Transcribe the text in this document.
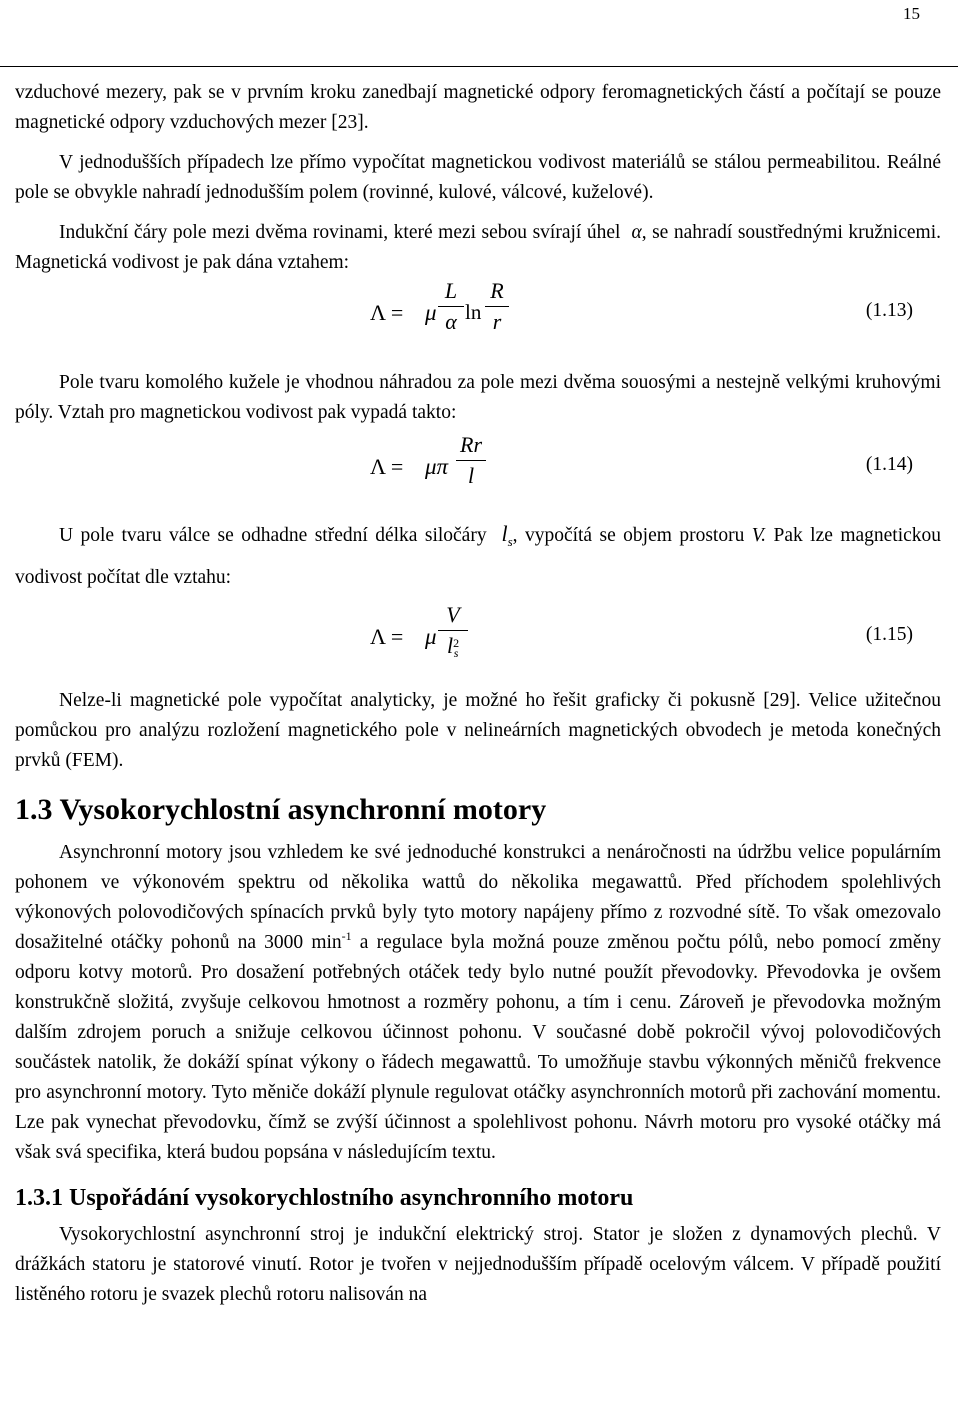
15

vzduchové mezery, pak se v prvním kroku zanedbají magnetické odpory feromagnetických částí a počítají se pouze magnetické odpory vzduchových mezer [23].

V jednodušších případech lze přímo vypočítat magnetickou vodivost materiálů se stálou permeabilitou. Reálné pole se obvykle nahradí jednodušším polem (rovinné, kulové, válcové, kuželové).

Indukční čáry pole mezi dvěma rovinami, které mezi sebou svírají úhel α, se nahradí soustřednými kružnicemi. Magnetická vodivost je pak dána vztahem:

Λ = μ
L
α ln
R
r	(1.13)

Pole tvaru komolého kužele je vhodnou náhradou za pole mezi dvěma souosými a nestejně velkými kruhovými póly. Vztah pro magnetickou vodivost pak vypadá takto:

Λ = μπ
Rr
l	(1.14)

U pole tvaru válce se odhadne střední délka siločáry $l_s$, vypočítá se objem prostoru V. Pak lze magnetickou vodivost počítat dle vztahu:

Λ = μ
V
l 2
s
(1.15)

Nelze-li magnetické pole vypočítat analyticky, je možné ho řešit graficky či pokusně [29]. Velice užitečnou pomůckou pro analýzu rozložení magnetického pole v nelineárních magnetických obvodech je metoda konečných prvků (FEM).

1.3 Vysokorychlostní asynchronní motory

Asynchronní motory jsou vzhledem ke své jednoduché konstrukci a nenáročnosti na údržbu velice populárním pohonem ve výkonovém spektru od několika wattů do několika megawattů. Před příchodem spolehlivých výkonových polovodičových spínacích prvků byly tyto motory napájeny přímo z rozvodné sítě. To však omezovalo dosažitelné otáčky pohonů na 3000 $\min^{-1} a$ regulace byla možná pouze změnou počtu pólů, nebo pomocí změny odporu kotvy motorů. Pro dosažení potřebných otáček tedy bylo nutné použít převodovky. Převodovka je ovšem konstrukčně složitá, zvyšuje celkovou hmotnost a rozměry pohonu, a tím i cenu. Zároveň je převodovka možným dalším zdrojem poruch a snižuje celkovou účinnost pohonu. V současné době pokročil vývoj polovodičových součástek natolik, že dokáží spínat výkony o řádech megawattů. To umožňuje stavbu výkonných měničů frekvence pro asynchronní motory. Tyto měniče dokáží plynule regulovat otáčky asynchronních motorů při zachování momentu. Lze pak vynechat převodovku, čímž se zvýší účinnost a spolehlivost pohonu. Návrh motoru pro vysoké otáčky má však svá specifika, která budou popsána v následujícím textu.

1.3.1 Uspořádání vysokorychlostního asynchronního motoru

Vysokorychlostní asynchronní stroj je indukční elektrický stroj. Stator je složen z dynamových plechů. V drážkách statoru je statorové vinutí. Rotor je tvořen v nejjednodušším případě ocelovým válcem. V případě použití listěného rotoru je svazek plechů rotoru nalisován na
